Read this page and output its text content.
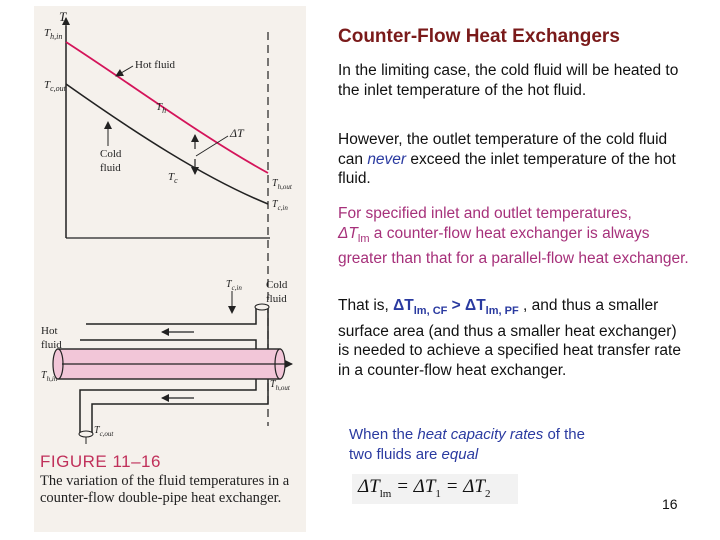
T
$T_{h,in}$
$T_{c,out}$
Hot fluid
$T_h$
ΔT
Cold
fluid
$T_c$	$T_{h,out}$
$T_{c,in}$
$T_{c,in}$ Cold
fluid
Hot
fluid
$T_{h,in}$	$T_{h,out}$
$T_{c,out}$
FIGURE 11–16
The variation of the fluid temperatures in a counter-flow double-pipe heat exchanger.
Counter-Flow Heat Exchangers
In the limiting case, the cold fluid will be heated to the inlet temperature of the hot fluid.
However, the outlet temperature of the cold fluid can never exceed the inlet temperature of the hot fluid.
For specified inlet and outlet temperatures,
$\Delta T_{lm}$ a counter-flow heat exchanger is always greater than that for a parallel-flow heat exchanger.
That is, $\Delta T_{lm, CF} > \Delta T_{lm, PF}$ , and thus a smaller surface area (and thus a smaller heat exchanger) is needed to achieve a specified heat transfer rate in a counter-flow heat exchanger.
When the heat capacity rates of the two fluids are equal
$\Delta T_{lm} = \Delta T_1 = \Delta T_2$
16
